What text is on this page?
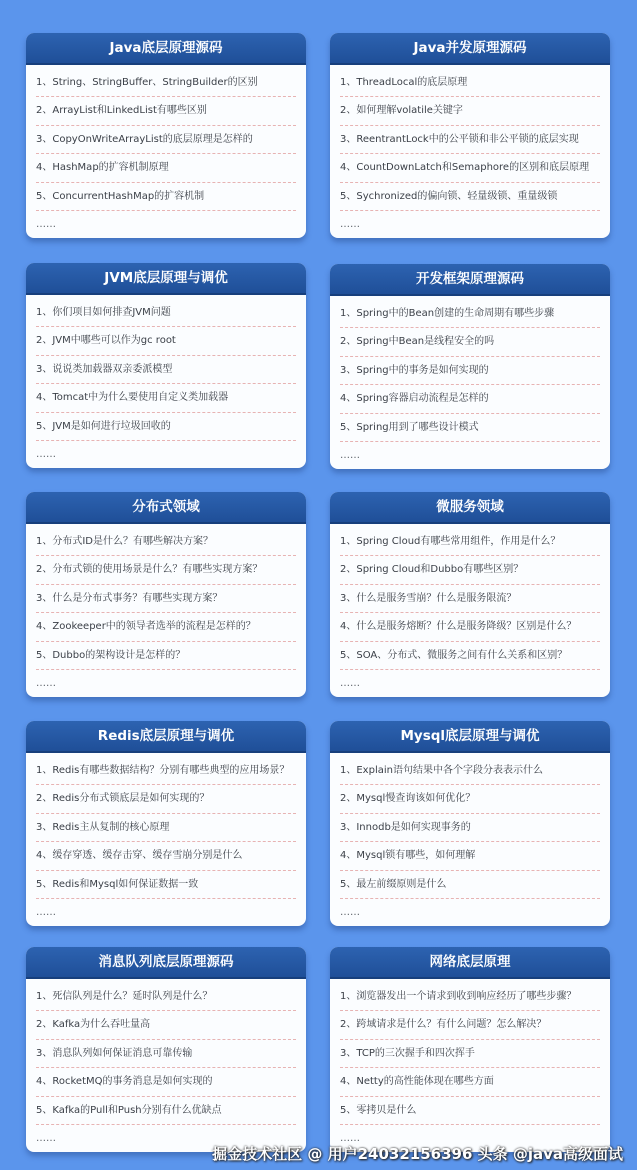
Java底层原理源码
1、String、StringBuffer、StringBuilder的区别
2、ArrayList和LinkedList有哪些区别
3、CopyOnWriteArrayList的底层原理是怎样的
4、HashMap的扩容机制原理
5、ConcurrentHashMap的扩容机制
……
Java并发原理源码
1、ThreadLocal的底层原理
2、如何理解volatile关键字
3、ReentrantLock中的公平锁和非公平锁的底层实现
4、CountDownLatch和Semaphore的区别和底层原理
5、Sychronized的偏向锁、轻量级锁、重量级锁
……
JVM底层原理与调优
1、你们项目如何排查JVM问题
2、JVM中哪些可以作为gc root
3、说说类加载器双亲委派模型
4、Tomcat中为什么要使用自定义类加载器
5、JVM是如何进行垃圾回收的
……
开发框架原理源码
1、Spring中的Bean创建的生命周期有哪些步骤
2、Spring中Bean是线程安全的吗
3、Spring中的事务是如何实现的
4、Spring容器启动流程是怎样的
5、Spring用到了哪些设计模式
……
分布式领域
1、分布式ID是什么？有哪些解决方案？
2、分布式锁的使用场景是什么？有哪些实现方案？
3、什么是分布式事务？有哪些实现方案？
4、Zookeeper中的领导者选举的流程是怎样的？
5、Dubbo的架构设计是怎样的？
……
微服务领域
1、Spring Cloud有哪些常用组件，作用是什么？
2、Spring Cloud和Dubbo有哪些区别？
3、什么是服务雪崩？什么是服务限流？
4、什么是服务熔断？什么是服务降级？区别是什么？
5、SOA、分布式、微服务之间有什么关系和区别？
……
Redis底层原理与调优
1、Redis有哪些数据结构？分别有哪些典型的应用场景？
2、Redis分布式锁底层是如何实现的？
3、Redis主从复制的核心原理
4、缓存穿透、缓存击穿、缓存雪崩分别是什么
5、Redis和Mysql如何保证数据一致
……
Mysql底层原理与调优
1、Explain语句结果中各个字段分表表示什么
2、Mysql慢查询该如何优化？
3、Innodb是如何实现事务的
4、Mysql锁有哪些，如何理解
5、最左前缀原则是什么
……
消息队列底层原理源码
1、死信队列是什么？延时队列是什么？
2、Kafka为什么吞吐量高
3、消息队列如何保证消息可靠传输
4、RocketMQ的事务消息是如何实现的
5、Kafka的Pull和Push分别有什么优缺点
……
网络底层原理
1、浏览器发出一个请求到收到响应经历了哪些步骤？
2、跨域请求是什么？有什么问题？怎么解决？
3、TCP的三次握手和四次挥手
4、Netty的高性能体现在哪些方面
5、零拷贝是什么
……
掘金技术社区 @ 用户24032156396 头条 @java高级面试
